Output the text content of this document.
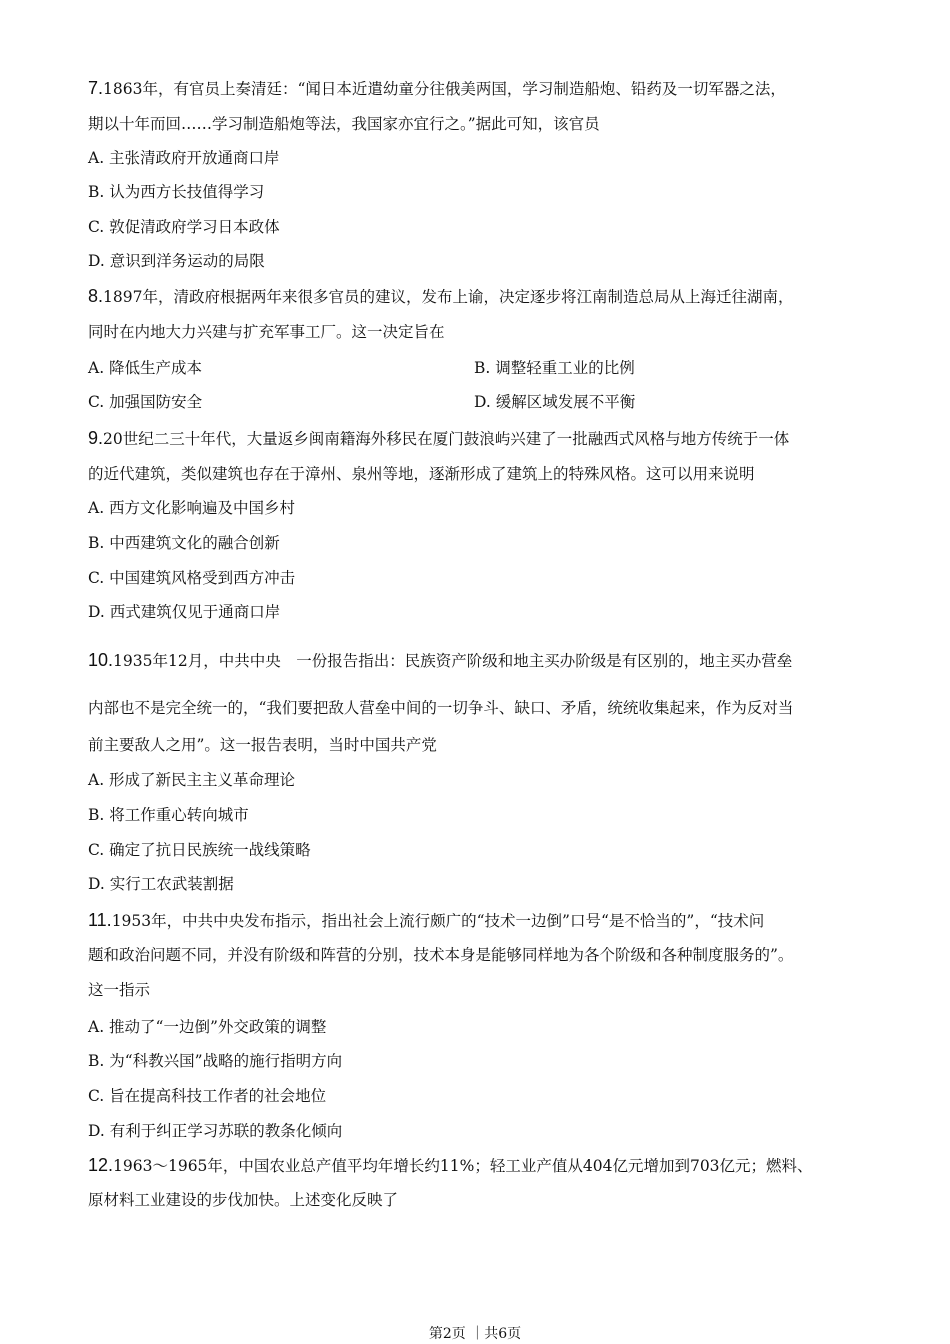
7.1863年，有官员上奏清廷：“闻日本近遣幼童分往俄美两国，学习制造船炮、铅药及一切军器之法，
期以十年而回……学习制造船炮等法，我国家亦宜行之。”据此可知，该官员
A. 主张清政府开放通商口岸
B. 认为西方长技值得学习
C. 敦促清政府学习日本政体
D. 意识到洋务运动的局限
8.1897年，清政府根据两年来很多官员的建议，发布上谕，决定逐步将江南制造总局从上海迁往湖南，
同时在内地大力兴建与扩充军事工厂。这一决定旨在
A. 降低生产成本	B. 调整轻重工业的比例
C. 加强国防安全	D. 缓解区域发展不平衡
9.20世纪二三十年代，大量返乡闽南籍海外移民在厦门鼓浪屿兴建了一批融西式风格与地方传统于一体
的近代建筑，类似建筑也存在于漳州、泉州等地，逐渐形成了建筑上的特殊风格。这可以用来说明
A. 西方文化影响遍及中国乡村
B. 中西建筑文化的融合创新
C. 中国建筑风格受到西方冲击
D. 西式建筑仅见于通商口岸
10.1935年12月，中共中央　一份报告指出：民族资产阶级和地主买办阶级是有区别的，地主买办营垒
内部也不是完全统一的，“我们要把敌人营垒中间的一切争斗、缺口、矛盾，统统收集起来，作为反对当
前主要敌人之用”。这一报告表明，当时中国共产党
A. 形成了新民主主义革命理论
B. 将工作重心转向城市
C. 确定了抗日民族统一战线策略
D. 实行工农武装割据
11.1953年，中共中央发布指示，指出社会上流行颇广的“技术一边倒”口号“是不恰当的”，“技术问
题和政治问题不同，并没有阶级和阵营的分别，技术本身是能够同样地为各个阶级和各种制度服务的”。
这一指示
A. 推动了“一边倒”外交政策的调整
B. 为“科教兴国”战略的施行指明方向
C. 旨在提高科技工作者的社会地位
D. 有利于纠正学习苏联的教条化倾向
12.1963～1965年，中国农业总产值平均年增长约11%；轻工业产值从404亿元增加到703亿元；燃料、
原材料工业建设的步伐加快。上述变化反映了
第2页 ｜共6页
